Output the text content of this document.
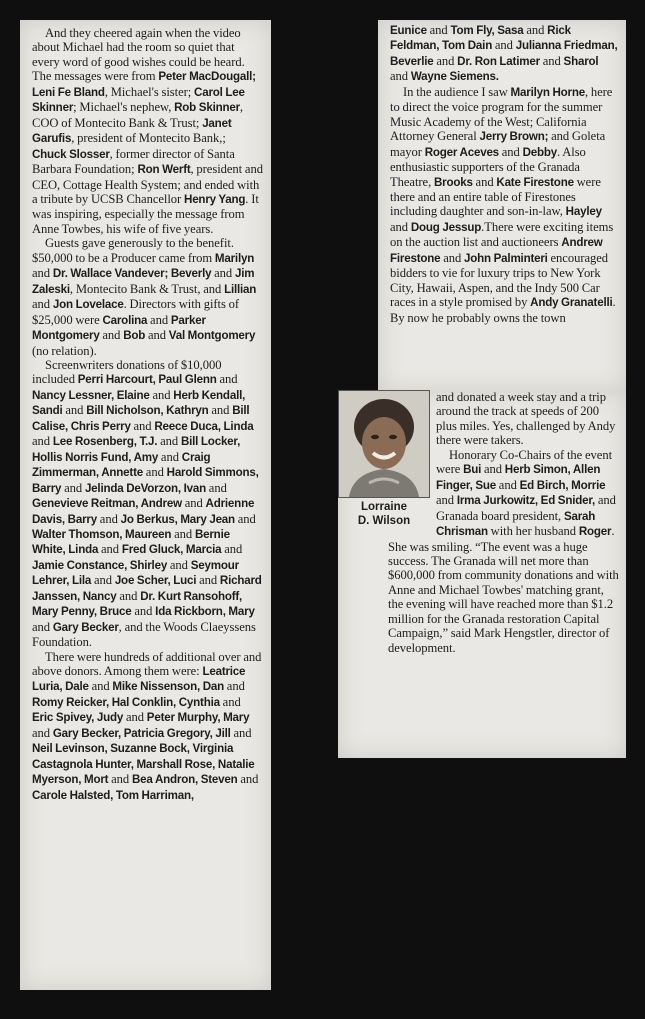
And they cheered again when the video about Michael had the room so quiet that every word of good wishes could be heard. The messages were from Peter MacDougall; Leni Fe Bland, Michael's sister; Carol Lee Skinner; Michael's nephew, Rob Skinner, COO of Montecito Bank & Trust; Janet Garufis, president of Montecito Bank,; Chuck Slosser, former director of Santa Barbara Foundation; Ron Werft, president and CEO, Cottage Health System; and ended with a tribute by UCSB Chancellor Henry Yang. It was inspiring, especially the message from Anne Towbes, his wife of five years.

Guests gave generously to the benefit. $50,000 to be a Producer came from Marilyn and Dr. Wallace Vandever; Beverly and Jim Zaleski, Montecito Bank & Trust, and Lillian and Jon Lovelace. Directors with gifts of $25,000 were Carolina and Parker Montgomery and Bob and Val Montgomery (no relation).

Screenwriters donations of $10,000 included Perri Harcourt, Paul Glenn and Nancy Lessner, Elaine and Herb Kendall, Sandi and Bill Nicholson, Kathryn and Bill Calise, Chris Perry and Reece Duca, Linda and Lee Rosenberg, T.J. and Bill Locker, Hollis Norris Fund, Amy and Craig Zimmerman, Annette and Harold Simmons, Barry and Jelinda DeVorzon, Ivan and Genevieve Reitman, Andrew and Adrienne Davis, Barry and Jo Berkus, Mary Jean and Walter Thomson, Maureen and Bernie White, Linda and Fred Gluck, Marcia and Jamie Constance, Shirley and Seymour Lehrer, Lila and Joe Scher, Luci and Richard Janssen, Nancy and Dr. Kurt Ransohoff, Mary Penny, Bruce and Ida Rickborn, Mary and Gary Becker, and the Woods Claeyssens Foundation.

There were hundreds of additional over and above donors. Among them were: Leatrice Luria, Dale and Mike Nissenson, Dan and Romy Reicker, Hal Conklin, Cynthia and Eric Spivey, Judy and Peter Murphy, Mary and Gary Becker, Patricia Gregory, Jill and Neil Levinson, Suzanne Bock, Virginia Castagnola Hunter, Marshall Rose, Natalie Myerson, Mort and Bea Andron, Steven and Carole Halsted, Tom Harriman,

Eunice and Tom Fly, Sasa and Rick Feldman, Tom Dain and Julianna Friedman, Beverlie and Dr. Ron Latimer and Sharol and Wayne Siemens.

In the audience I saw Marilyn Horne, here to direct the voice program for the summer Music Academy of the West; California Attorney General Jerry Brown; and Goleta mayor Roger Aceves and Debby. Also enthusiastic supporters of the Granada Theatre, Brooks and Kate Firestone were there and an entire table of Firestones including daughter and son-in-law, Hayley and Doug Jessup.There were exciting items on the auction list and auctioneers Andrew Firestone and John Palminteri encouraged bidders to vie for luxury trips to New York City, Hawaii, Aspen, and the Indy 500 Car races in a style promised by Andy Granatelli. By now he probably owns the town

Lorraine
D. Wilson

and donated a week stay and a trip around the track at speeds of 200 plus miles. Yes, challenged by Andy there were takers.

Honorary Co-Chairs of the event were Bui and Herb Simon, Allen Finger, Sue and Ed Birch, Morrie and Irma Jurkowitz, Ed Snider, and Granada board president, Sarah Chrisman with her husband Roger. She was smiling. “The event was a huge success. The Granada will net more than $600,000 from community donations and with Anne and Michael Towbes' matching grant, the evening will have reached more than $1.2 million for the Granada restoration Capital Campaign,” said Mark Hengstler, director of development.
